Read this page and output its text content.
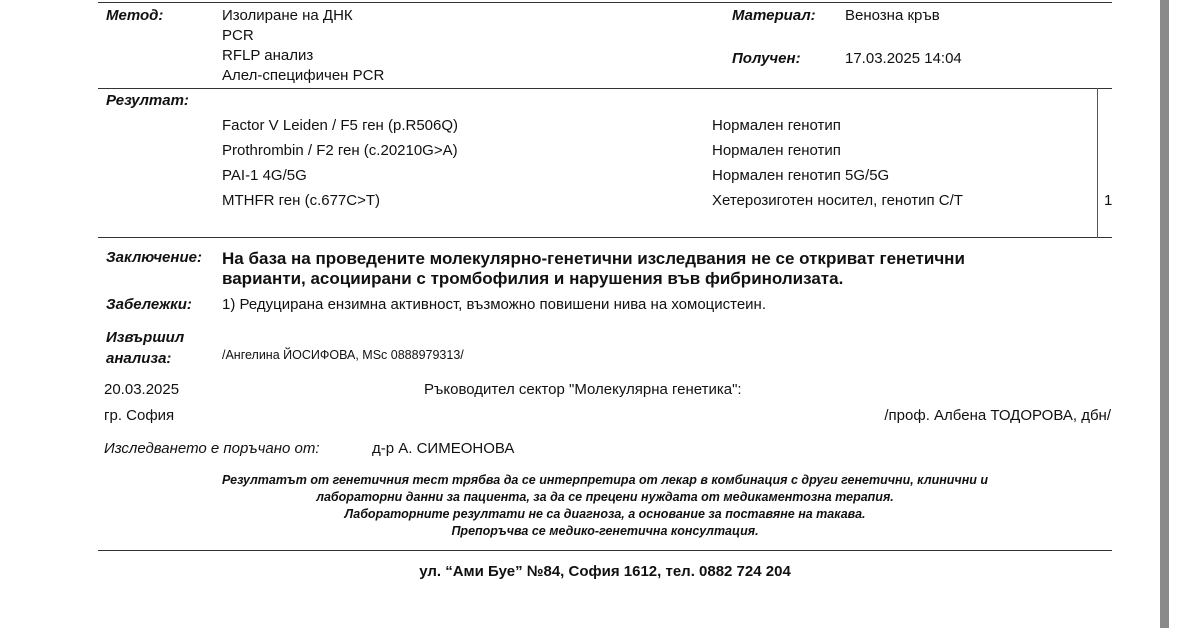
Метод:	Изолиране на ДНК
PCR
RFLP анализ
Алел-специфичен PCR
Материал: Венозна кръв
Получен:	17.03.2025 14:04
Резултат:
Factor V Leiden / F5 ген (p.R506Q)	Нормален генотип
Prothrombin / F2 ген (c.20210G>A)	Нормален генотип
PAI-1 4G/5G	Нормален генотип 5G/5G
MTHFR ген (c.677C>T)	Хетерозиготен носител, генотип C/T	1
Заключение: На база на проведените молекулярно-генетични изследвания не се откриват генетични
варианти, асоциирани с тромбофилия и нарушения във фибринолизата.
Забележки: 1) Редуцирана ензимна активност, възможно повишени нива на хомоцистеин.
Извършил
анализа:	/Ангелина ЙОСИФОВА, MSc 0888979313/
20.03.2025	Ръководител сектор "Молекулярна генетика":
гр. София	/проф. Албена ТОДОРОВА, дбн/
Изследването е поръчано от:	д-р А. СИМЕОНОВА
Резултатът от генетичния тест трябва да се интерпретира от лекар в комбинация с други генетични, клинични и
лабораторни данни за пациента, за да се прецени нуждата от медикаментозна терапия.
Лабораторните резултати не са диагноза, а основание за поставяне на такава.
Препоръчва се медико-генетична консултация.
ул. “Ами Буе” №84, София 1612, тел. 0882 724 204
